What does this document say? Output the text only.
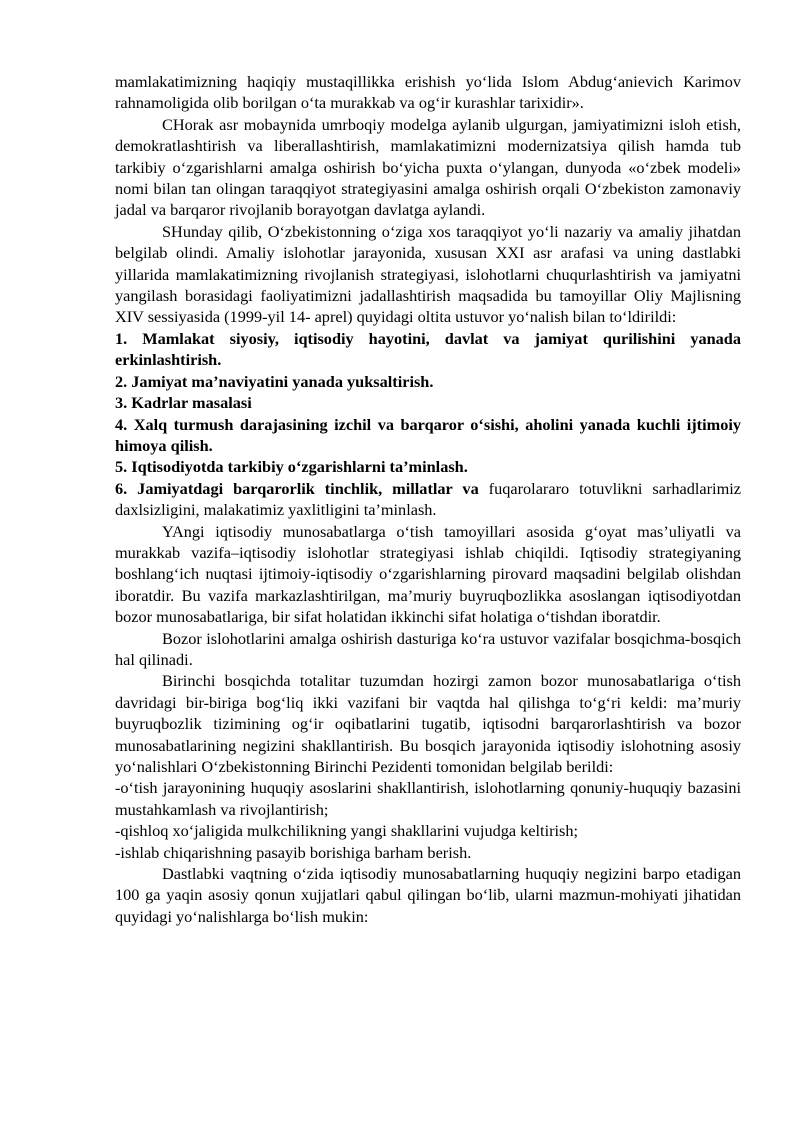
mamlakatimizning haqiqiy mustaqillikka erishish yo‘lida Islom Abdug‘anievich Karimov rahnamoligida olib borilgan o‘ta murakkab va og‘ir kurashlar tarixidir».

CHorak asr mobaynida umrboqiy modelga aylanib ulgurgan, jamiyatimizni isloh etish, demokratlashtirish va liberallashtirish, mamlakatimizni modernizatsiya qilish hamda tub tarkibiy o‘zgarishlarni amalga oshirish bo‘yicha puxta o‘ylangan, dunyoda «o‘zbek modeli» nomi bilan tan olingan taraqqiyot strategiyasini amalga oshirish orqali O‘zbekiston zamonaviy jadal va barqaror rivojlanib borayotgan davlatga aylandi.

SHunday qilib, O‘zbekistonning o‘ziga xos taraqqiyot yo‘li nazariy va amaliy jihatdan belgilab olindi. Amaliy islohotlar jarayonida, xususan XXI asr arafasi va uning dastlabki yillarida mamlakatimizning rivojlanish strategiyasi, islohotlarni chuqurlashtirish va jamiyatni yangilash borasidagi faoliyatimizni jadallashtirish maqsadida bu tamoyillar Oliy Majlisning XIV sessiyasida (1999-yil 14- aprel) quyidagi oltita ustuvor yo‘nalish bilan to‘ldirildi:

1. Mamlakat siyosiy, iqtisodiy hayotini, davlat va jamiyat qurilishini yanada erkinlashtirish.

2. Jamiyat ma’naviyatini yanada yuksaltirish.

3. Kadrlar masalasi

4. Xalq turmush darajasining izchil va barqaror o‘sishi, aholini yanada kuchli ijtimoiy himoya qilish.

5. Iqtisodiyotda tarkibiy o‘zgarishlarni ta’minlash.

6. Jamiyatdagi barqarorlik tinchlik, millatlar va fuqarolararo totuvlikni sarhadlarimiz daxlsizligini, malakatimiz yaxlitligini ta’minlash.

YAngi iqtisodiy munosabatlarga o‘tish tamoyillari asosida g‘oyat mas’uliyatli va murakkab vazifa–iqtisodiy islohotlar strategiyasi ishlab chiqildi. Iqtisodiy strategiyaning boshlang‘ich nuqtasi ijtimoiy-iqtisodiy o‘zgarishlarning pirovard maqsadini belgilab olishdan iboratdir. Bu vazifa markazlashtirilgan, ma’muriy buyruqbozlikka asoslangan iqtisodiyotdan bozor munosabatlariga, bir sifat holatidan ikkinchi sifat holatiga o‘tishdan iboratdir.

Bozor islohotlarini amalga oshirish dasturiga ko‘ra ustuvor vazifalar bosqichma-bosqich hal qilinadi.

Birinchi bosqichda totalitar tuzumdan hozirgi zamon bozor munosabatlariga o‘tish davridagi bir-biriga bog‘liq ikki vazifani bir vaqtda hal qilishga to‘g‘ri keldi: ma’muriy buyruqbozlik tizimining og‘ir oqibatlarini tugatib, iqtisodni barqarorlashtirish va bozor munosabatlarining negizini shakllantirish. Bu bosqich jarayonida iqtisodiy islohotning asosiy yo‘nalishlari O‘zbekistonning Birinchi Pezidenti tomonidan belgilab berildi:

-o‘tish jarayonining huquqiy asoslarini shakllantirish, islohotlarning qonuniy-huquqiy bazasini mustahkamlash va rivojlantirish;

-qishloq xo‘jaligida mulkchilikning yangi shakllarini vujudga keltirish;

-ishlab chiqarishning pasayib borishiga barham berish.

Dastlabki vaqtning o‘zida iqtisodiy munosabatlarning huquqiy negizini barpo etadigan 100 ga yaqin asosiy qonun xujjatlari qabul qilingan bo‘lib, ularni mazmun-mohiyati jihatidan quyidagi yo‘nalishlarga bo‘lish mukin:
